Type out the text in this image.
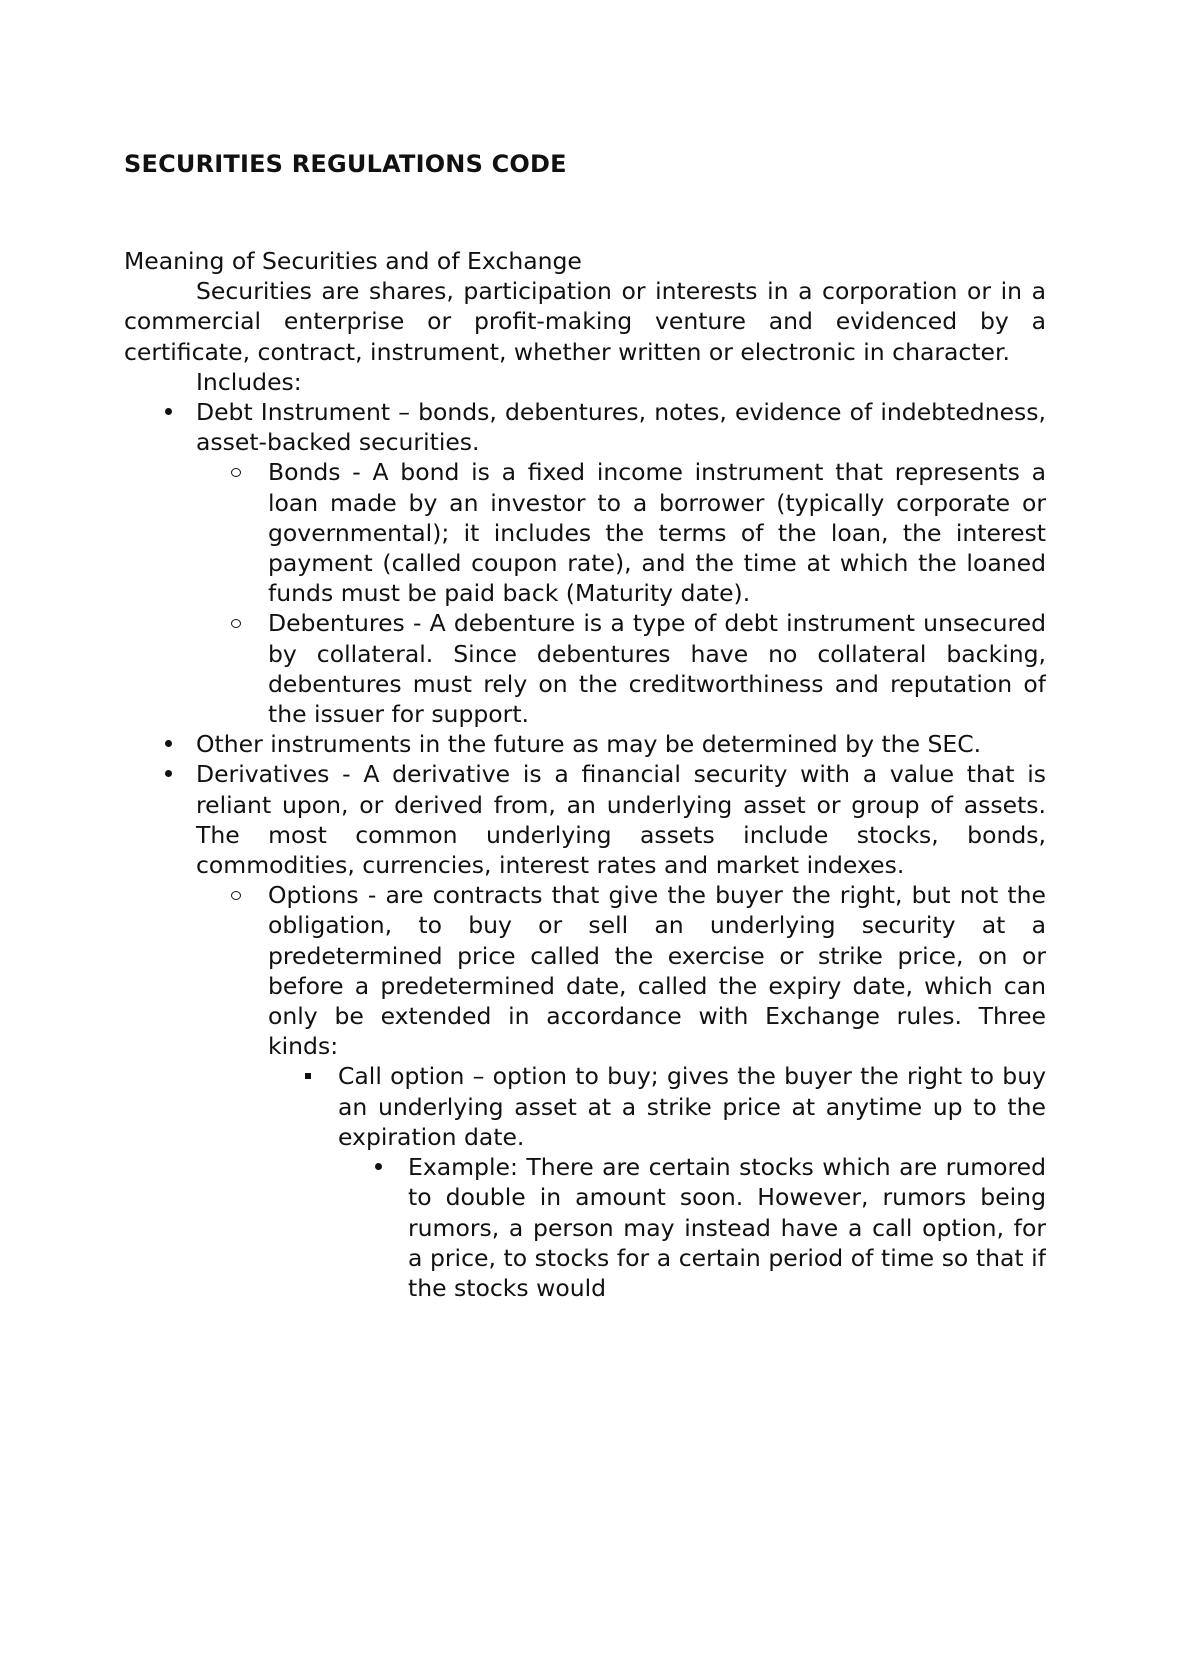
SECURITIES REGULATIONS CODE

Meaning of Securities and of Exchange

Securities are shares, participation or interests in a corporation or in a commercial enterprise or profit-making venture and evidenced by a certificate, contract, instrument, whether written or electronic in character.

Includes:

Debt Instrument – bonds, debentures, notes, evidence of indebtedness, asset-backed securities.
Bonds - A bond is a fixed income instrument that represents a loan made by an investor to a borrower (typically corporate or governmental); it includes the terms of the loan, the interest payment (called coupon rate), and the time at which the loaned funds must be paid back (Maturity date).
Debentures - A debenture is a type of debt instrument unsecured by collateral. Since debentures have no collateral backing, debentures must rely on the creditworthiness and reputation of the issuer for support.
Other instruments in the future as may be determined by the SEC.
Derivatives - A derivative is a financial security with a value that is reliant upon, or derived from, an underlying asset or group of assets. The most common underlying assets include stocks, bonds, commodities, currencies, interest rates and market indexes.
Options - are contracts that give the buyer the right, but not the obligation, to buy or sell an underlying security at a predetermined price called the exercise or strike price, on or before a predetermined date, called the expiry date, which can only be extended in accordance with Exchange rules. Three kinds:
Call option – option to buy; gives the buyer the right to buy an underlying asset at a strike price at anytime up to the expiration date.
Example: There are certain stocks which are rumored to double in amount soon. However, rumors being rumors, a person may instead have a call option, for a price, to stocks for a certain period of time so that if the stocks would
